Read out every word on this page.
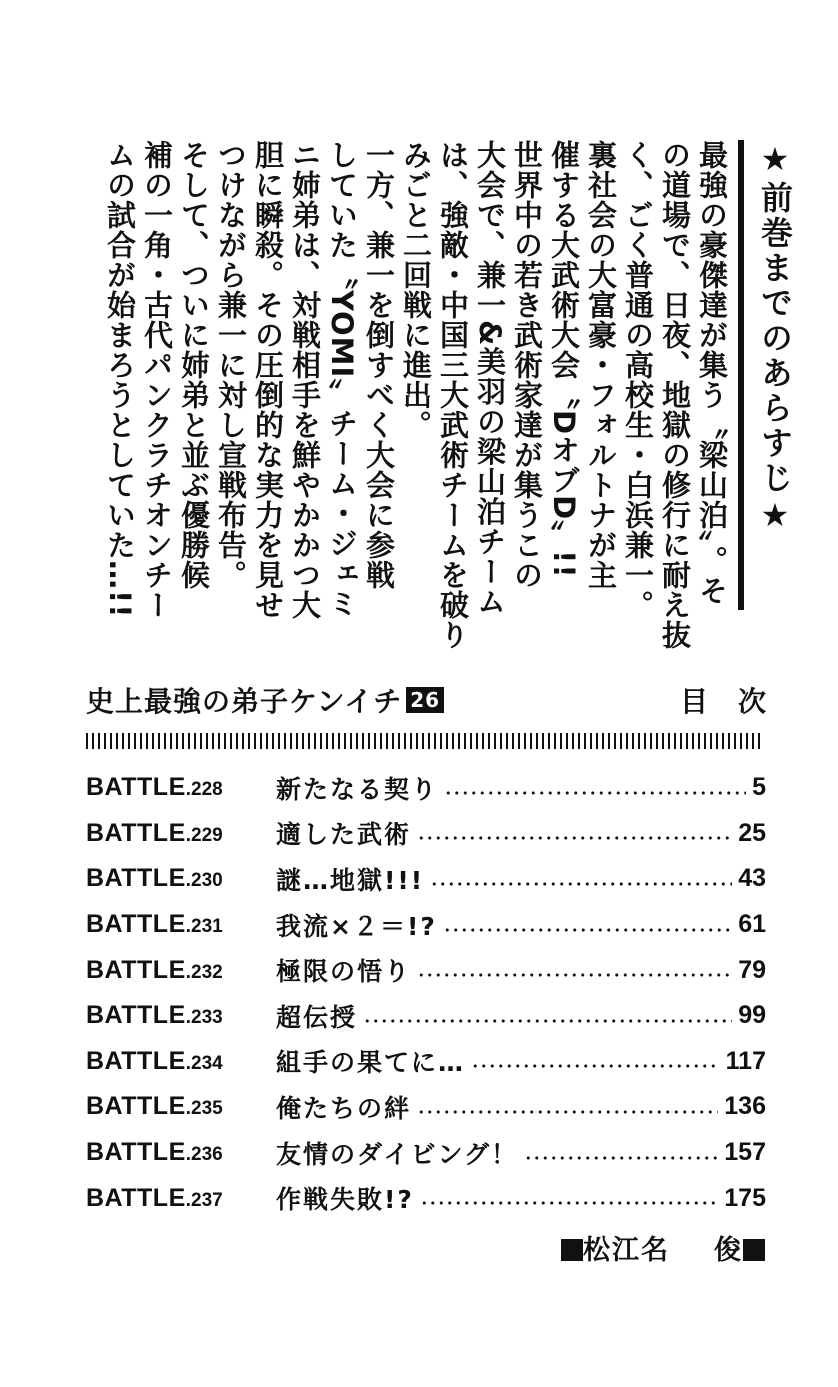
★前巻までのあらすじ★
最強の豪傑達が集う〝梁山泊〟。そ
の道場で、日夜、地獄の修行に耐え抜
く、ごく普通の高校生・白浜兼一。
裏社会の大富豪・フォルトナが主
催する大武術大会〝DオブD〟!!
世界中の若き武術家達が集うこの
大会で、兼一&美羽の梁山泊チーム
は、強敵・中国三大武術チームを破り
みごと二回戦に進出。
一方、兼一を倒すべく大会に参戦
していた〝YOMI〟チーム・ジェミ
ニ姉弟は、対戦相手を鮮やかかつ大
胆に瞬殺。その圧倒的な実力を見せ
つけながら兼一に対し宣戦布告。
そして、ついに姉弟と並ぶ優勝候
補の一角・古代パンクラチオンチー
ムの試合が始まろうとしていた…!!
史上最強の弟子ケンイチ 26	目次
BATTLE.228	新たなる契り	5
BATTLE.229	適した武術	25
BATTLE.230	謎…地獄!!!	43
BATTLE.231	我流×２＝!?	61
BATTLE.232	極限の悟り	79
BATTLE.233	超伝授	99
BATTLE.234	組手の果てに…	117
BATTLE.235	俺たちの絆	136
BATTLE.236	友情のダイビング！	157
BATTLE.237	作戦失敗!?	175
松江名 俊
